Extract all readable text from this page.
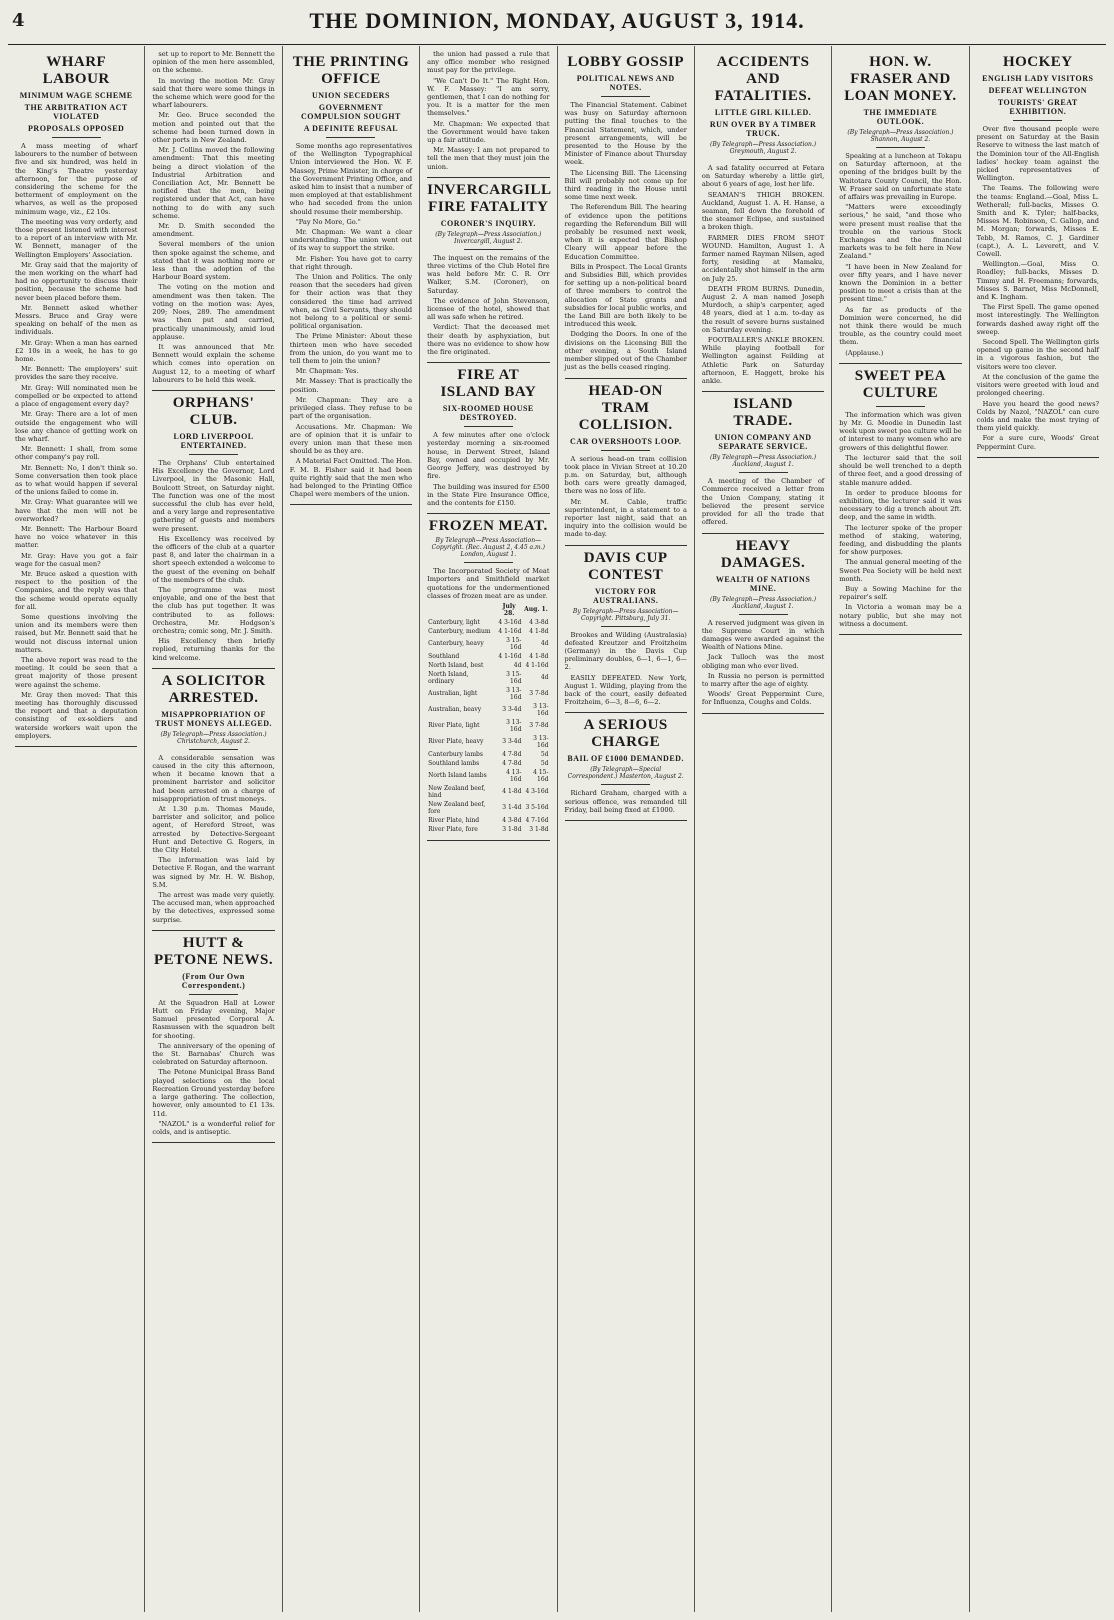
4	THE DOMINION, MONDAY, AUGUST 3, 1914.
WHARF LABOUR
MINIMUM WAGE SCHEME
THE ARBITRATION ACT VIOLATED
PROPOSALS OPPOSED

A mass meeting of wharf labourers to the number of between five and six hundred, was held in the King's Theatre yesterday afternoon, for the purpose of considering the scheme for the betterment of employment on the wharves, as well as the proposed minimum wage, viz., £2 10s.

The meeting was very orderly, and those present listened with interest to a report of an interview with Mr. W. Bennett, manager of the Wellington Employers' Association.

Mr. Gray said that the majority of the men working on the wharf had had no opportunity to discuss their position, because the scheme had never been placed before them.

Mr. Bennett asked whether Messrs. Bruce and Gray were speaking on behalf of the men as individuals.

Mr. Gray: When a man has earned £2 10s in a week, he has to go home.

Mr. Bennett: The employers' suit provides the sare they receive.

Mr. Gray: Will nominated men be compelled or be expected to attend a place of engagement every day?

Mr. Gray: There are a lot of men outside the engagement who will lose any chance of getting work on the wharf.

Mr. Bennett: I shall, from some other company's pay roll.

Mr. Bennett: No, I don't think so. Some conversation then took place as to what would happen if several of the unions failed to come in.

Mr. Gray: What guarantee will we have that the men will not be overworked?

Mr. Bennett: The Harbour Board have no voice whatever in this matter.

Mr. Gray: Have you got a fair wage for the casual men?

Mr. Bruce asked a question with respect to the position of the Companies, and the reply was that the scheme would operate equally for all.

Some questions involving the union and its members were then raised, but Mr. Bennett said that he would not discuss internal union matters.

The above report was read to the meeting. It could be seen that a great majority of those present were against the scheme.

Mr. Gray then moved: That this meeting has thoroughly discussed the report and that a deputation consisting of ex-soldiers and waterside workers wait upon the employers.

set up to report to Mr. Bennett the opinion of the men here assembled, on the scheme.

In moving the motion Mr. Gray said that there were some things in the scheme which were good for the wharf labourers.

Mr. Geo. Bruce seconded the motion and pointed out that the scheme had been turned down in other ports in New Zealand.

Mr. J. Collins moved the following amendment: That this meeting being a direct violation of the Industrial Arbitration and Conciliation Act, Mr. Bennett be notified that the men, being registered under that Act, can have nothing to do with any such scheme.

Mr. D. Smith seconded the amendment.

Several members of the union then spoke against the scheme, and stated that it was nothing more or less than the adoption of the Harbour Board system.

The voting on the motion and amendment was then taken. The voting on the motion was: Ayes, 209; Noes, 289. The amendment was then put and carried, practically unanimously, amid loud applause.

It was announced that Mr. Bennett would explain the scheme which comes into operation on August 12, to a meeting of wharf labourers to be held this week.

ORPHANS' CLUB.
LORD LIVERPOOL ENTERTAINED.

The Orphans' Club entertained His Excellency the Governor, Lord Liverpool, in the Masonic Hall, Boulcott Street, on Saturday night. The function was one of the most successful the club has ever held, and a very large and representative gathering of guests and members were present.

His Excellency was received by the officers of the club at a quarter past 8, and later the chairman in a short speech extended a welcome to the guest of the evening on behalf of the members of the club.

The programme was most enjoyable, and one of the best that the club has put together. It was contributed to as follows: Orchestra, Mr. Hodgson's orchestra; comic song, Mr. J. Smith.

His Excellency then briefly replied, returning thanks for the kind welcome.

A SOLICITOR ARRESTED.
MISAPPROPRIATION OF TRUST MONEYS ALLEGED.
(By Telegraph—Press Association.) Christchurch, August 2.

A considerable sensation was caused in the city this afternoon, when it became known that a prominent barrister and solicitor had been arrested on a charge of misappropriation of trust moneys.

At 1.30 p.m. Thomas Maude, barrister and solicitor, and police agent, of Hereford Street, was arrested by Detective-Sergeant Hunt and Detective G. Rogers, in the City Hotel.

The information was laid by Detective F. Rogan, and the warrant was signed by Mr. H. W. Bishop, S.M.

The arrest was made very quietly. The accused man, when approached by the detectives, expressed some surprise.

HUTT & PETONE NEWS.
(From Our Own Correspondent.)

At the Squadron Hall at Lower Hutt on Friday evening, Major Samuel presented Corporal A. Rasmussen with the squadron belt for shooting.

The anniversary of the opening of the St. Barnabas' Church was celebrated on Saturday afternoon.

The Petone Municipal Brass Band played selections on the local Recreation Ground yesterday before a large gathering. The collection, however, only amounted to £1 13s. 11d.

"NAZOL" is a wonderful relief for colds, and is antiseptic.

THE PRINTING OFFICE
UNION SECEDERS
GOVERNMENT COMPULSION SOUGHT
A DEFINITE REFUSAL

Some months ago representatives of the Wellington Typographical Union interviewed the Hon. W. F. Massey, Prime Minister, in charge of the Government Printing Office, and asked him to insist that a number of men employed at that establishment who had seceded from the union should resume their membership.

"Pay No More, Go."

Mr. Chapman: We want a clear understanding. The union went out of its way to support the strike.

Mr. Fisher: You have got to carry that right through.

The Union and Politics. The only reason that the seceders had given for their action was that they considered the time had arrived when, as Civil Servants, they should not belong to a political or semi-political organisation.

The Prime Minister: About these thirteen men who have seceded from the union, do you want me to tell them to join the union?

Mr. Chapman: Yes.

Mr. Massey: That is practically the position.

Mr. Chapman: They are a privileged class. They refuse to be part of the organisation.

Accusations. Mr. Chapman: We are of opinion that it is unfair to every union man that these men should be as they are.

A Material Fact Omitted. The Hon. F. M. B. Fisher said it had been quite rightly said that the men who had belonged to the Printing Office Chapel were members of the union.

the union had passed a rule that any office member who resigned must pay for the privilege.

"We Can't Do It." The Right Hon. W. F. Massey: "I am sorry, gentlemen, that I can do nothing for you. It is a matter for the men themselves."

Mr. Chapman: We expected that the Government would have taken up a fair attitude.

Mr. Massey: I am not prepared to tell the men that they must join the union.

INVERCARGILL FIRE FATALITY
CORONER'S INQUIRY.
(By Telegraph—Press Association.) Invercargill, August 2.

The inquest on the remains of the three victims of the Club Hotel fire was held before Mr. C. R. Orr Walker, S.M. (Coroner), on Saturday.

The evidence of John Stevenson, licensee of the hotel, showed that all was safe when he retired.

Verdict: That the deceased met their death by asphyxiation, but there was no evidence to show how the fire originated.

FIRE AT ISLAND BAY
SIX-ROOMED HOUSE DESTROYED.

A few minutes after one o'clock yesterday morning a six-roomed house, in Derwent Street, Island Bay, owned and occupied by Mr. George Jeffery, was destroyed by fire.

The building was insured for £500 in the State Fire Insurance Office, and the contents for £150.

FROZEN MEAT.
By Telegraph—Press Association—Copyright. (Rec. August 2, 4.45 a.m.) London, August 1.

The Incorporated Society of Meat Importers and Smithfield market quotations for the undermentioned classes of frozen meat are as under.

	July 28.	Aug. 1.
Canterbury, light	4 3-16d	4 3-8d
Canterbury, medium	4 1-16d	4 1-8d
Canterbury, heavy	3 15-16d	4d
Southland	4 1-16d	4 1-8d
North Island, best	4d	4 1-16d
North Island, ordinary	3 15-16d	4d
Australian, light	3 13-16d	3 7-8d
Australian, heavy	3 3-4d	3 13-16d
River Plate, light	3 13-16d	3 7-8d
River Plate, heavy	3 3-4d	3 13-16d
Canterbury lambs	4 7-8d	5d
Southland lambs	4 7-8d	5d
North Island lambs	4 13-16d	4 15-16d
New Zealand beef, hind	4 1-8d	4 3-16d
New Zealand beef, fore	3 1-4d	3 5-16d
River Plate, hind	4 3-8d	4 7-16d
River Plate, fore	3 1-8d	3 1-8d
LOBBY GOSSIP
POLITICAL NEWS AND NOTES.

The Financial Statement. Cabinet was busy on Saturday afternoon putting the final touches to the Financial Statement, which, under present arrangements, will be presented to the House by the Minister of Finance about Thursday week.

The Licensing Bill. The Licensing Bill will probably not come up for third reading in the House until some time next week.

The Referendum Bill. The hearing of evidence upon the petitions regarding the Referendum Bill will probably be resumed next week, when it is expected that Bishop Cleary will appear before the Education Committee.

Bills in Prospect. The Local Grants and Subsidies Bill, which provides for setting up a non-political board of three members to control the allocation of State grants and subsidies for local public works, and the Land Bill are both likely to be introduced this week.

Dodging the Doors. In one of the divisions on the Licensing Bill the other evening, a South Island member slipped out of the Chamber just as the bells ceased ringing.

HEAD-ON TRAM COLLISION.
CAR OVERSHOOTS LOOP.

A serious head-on tram collision took place in Vivian Street at 10.20 p.m. on Saturday, but, although both cars were greatly damaged, there was no loss of life.

Mr. M. Cable, traffic superintendent, in a statement to a reporter last night, said that an inquiry into the collision would be made to-day.

DAVIS CUP CONTEST
VICTORY FOR AUSTRALIANS.
By Telegraph—Press Association—Copyright. Pittsburg, July 31.

Brookes and Wilding (Australasia) defeated Kreutzer and Froitzheim (Germany) in the Davis Cup preliminary doubles, 6—1, 6—1, 6—2.

EASILY DEFEATED. New York, August 1. Wilding, playing from the back of the court, easily defeated Froitzheim, 6—3, 8—6, 6—2.

A SERIOUS CHARGE
BAIL OF £1000 DEMANDED.
(By Telegraph—Special Correspondent.) Masterton, August 2.

Richard Graham, charged with a serious offence, was remanded till Friday, bail being fixed at £1000.

ACCIDENTS AND FATALITIES.
LITTLE GIRL KILLED.
RUN OVER BY A TIMBER TRUCK.
(By Telegraph—Press Association.) Greymouth, August 2.

A sad fatality occurred at Fetara on Saturday whereby a little girl, about 6 years of age, lost her life.

SEAMAN'S THIGH BROKEN. Auckland, August 1. A. H. Hanse, a seaman, fell down the forehold of the steamer Eclipse, and sustained a broken thigh.

FARMER DIES FROM SHOT WOUND. Hamilton, August 1. A farmer named Rayman Nilsen, aged forty, residing at Mamaku, accidentally shot himself in the arm on July 25.

DEATH FROM BURNS. Dunedin, August 2. A man named Joseph Murdoch, a ship's carpenter, aged 48 years, died at 1 a.m. to-day as the result of severe burns sustained on Saturday evening.

FOOTBALLER'S ANKLE BROKEN. While playing football for Wellington against Feilding at Athletic Park on Saturday afternoon, E. Haggett, broke his ankle.

ISLAND TRADE.
UNION COMPANY AND SEPARATE SERVICE.
(By Telegraph—Press Association.) Auckland, August 1.

A meeting of the Chamber of Commerce received a letter from the Union Company, stating it believed the present service provided for all the trade that offered.

HEAVY DAMAGES.
WEALTH OF NATIONS MINE.
(By Telegraph—Press Association.) Auckland, August 1.

A reserved judgment was given in the Supreme Court in which damages were awarded against the Wealth of Nations Mine.

Jack Tulloch was the most obliging man who ever lived.

In Russia no person is permitted to marry after the age of eighty.

Woods' Great Peppermint Cure, for Influenza, Coughs and Colds.

HON. W. FRASER AND LOAN MONEY.
THE IMMEDIATE OUTLOOK.
(By Telegraph—Press Association.) Shannon, August 2.

Speaking at a luncheon at Tokapu on Saturday afternoon, at the opening of the bridges built by the Waitotara County Council, the Hon. W. Fraser said on unfortunate state of affairs was prevailing in Europe.

"Matters were exceedingly serious," he said, "and those who were present must realise that the trouble on the various Stock Exchanges and the financial markets was to be felt here in New Zealand."

"I have been in New Zealand for over fifty years, and I have never known the Dominion in a better position to meet a crisis than at the present time."

As far as products of the Dominion were concerned, he did not think there would be much trouble, as the country could meet them.

(Applause.)

SWEET PEA CULTURE

The information which was given by Mr. G. Moodie in Dunedin last week upon sweet pea culture will be of interest to many women who are growers of this delightful flower.

The lecturer said that the soil should be well trenched to a depth of three feet, and a good dressing of stable manure added.

In order to produce blooms for exhibition, the lecturer said it was necessary to dig a trench about 2ft. deep, and the same in width.

The lecturer spoke of the proper method of staking, watering, feeding, and disbudding the plants for show purposes.

The annual general meeting of the Sweet Pea Society will be held next month.

Buy a Sowing Machine for the repairer's self.

In Victoria a woman may be a notary public, but she may not witness a document.

HOCKEY
ENGLISH LADY VISITORS
DEFEAT WELLINGTON
TOURISTS' GREAT EXHIBITION.

Over five thousand people were present on Saturday at the Basin Reserve to witness the last match of the Dominion tour of the All-English ladies' hockey team against the picked representatives of Wellington.

The Teams. The following were the teams: England.—Goal, Miss L. Wetherall; full-backs, Misses O. Smith and K. Tyler; half-backs, Misses M. Robinson, C. Gallop, and M. Morgan; forwards, Misses E. Tebb, M. Ramos, C. J. Gardiner (capt.), A. L. Leverett, and V. Cowell.

Wellington.—Goal, Miss O. Roadley; full-backs, Misses D. Timmy and H. Freemans; forwards, Misses S. Barnet, Miss McDonnell, and K. Ingham.

The First Spell. The game opened most interestingly. The Wellington forwards dashed away right off the sweep.

Second Spell. The Wellington girls opened up game in the second half in a vigorous fashion, but the visitors were too clever.

At the conclusion of the game the visitors were greeted with loud and prolonged cheering.

Have you heard the good news? Colds by Nazol, "NAZOL" can cure colds and make the most trying of them yield quickly.

For a sure cure, Woods' Great Peppermint Cure.
